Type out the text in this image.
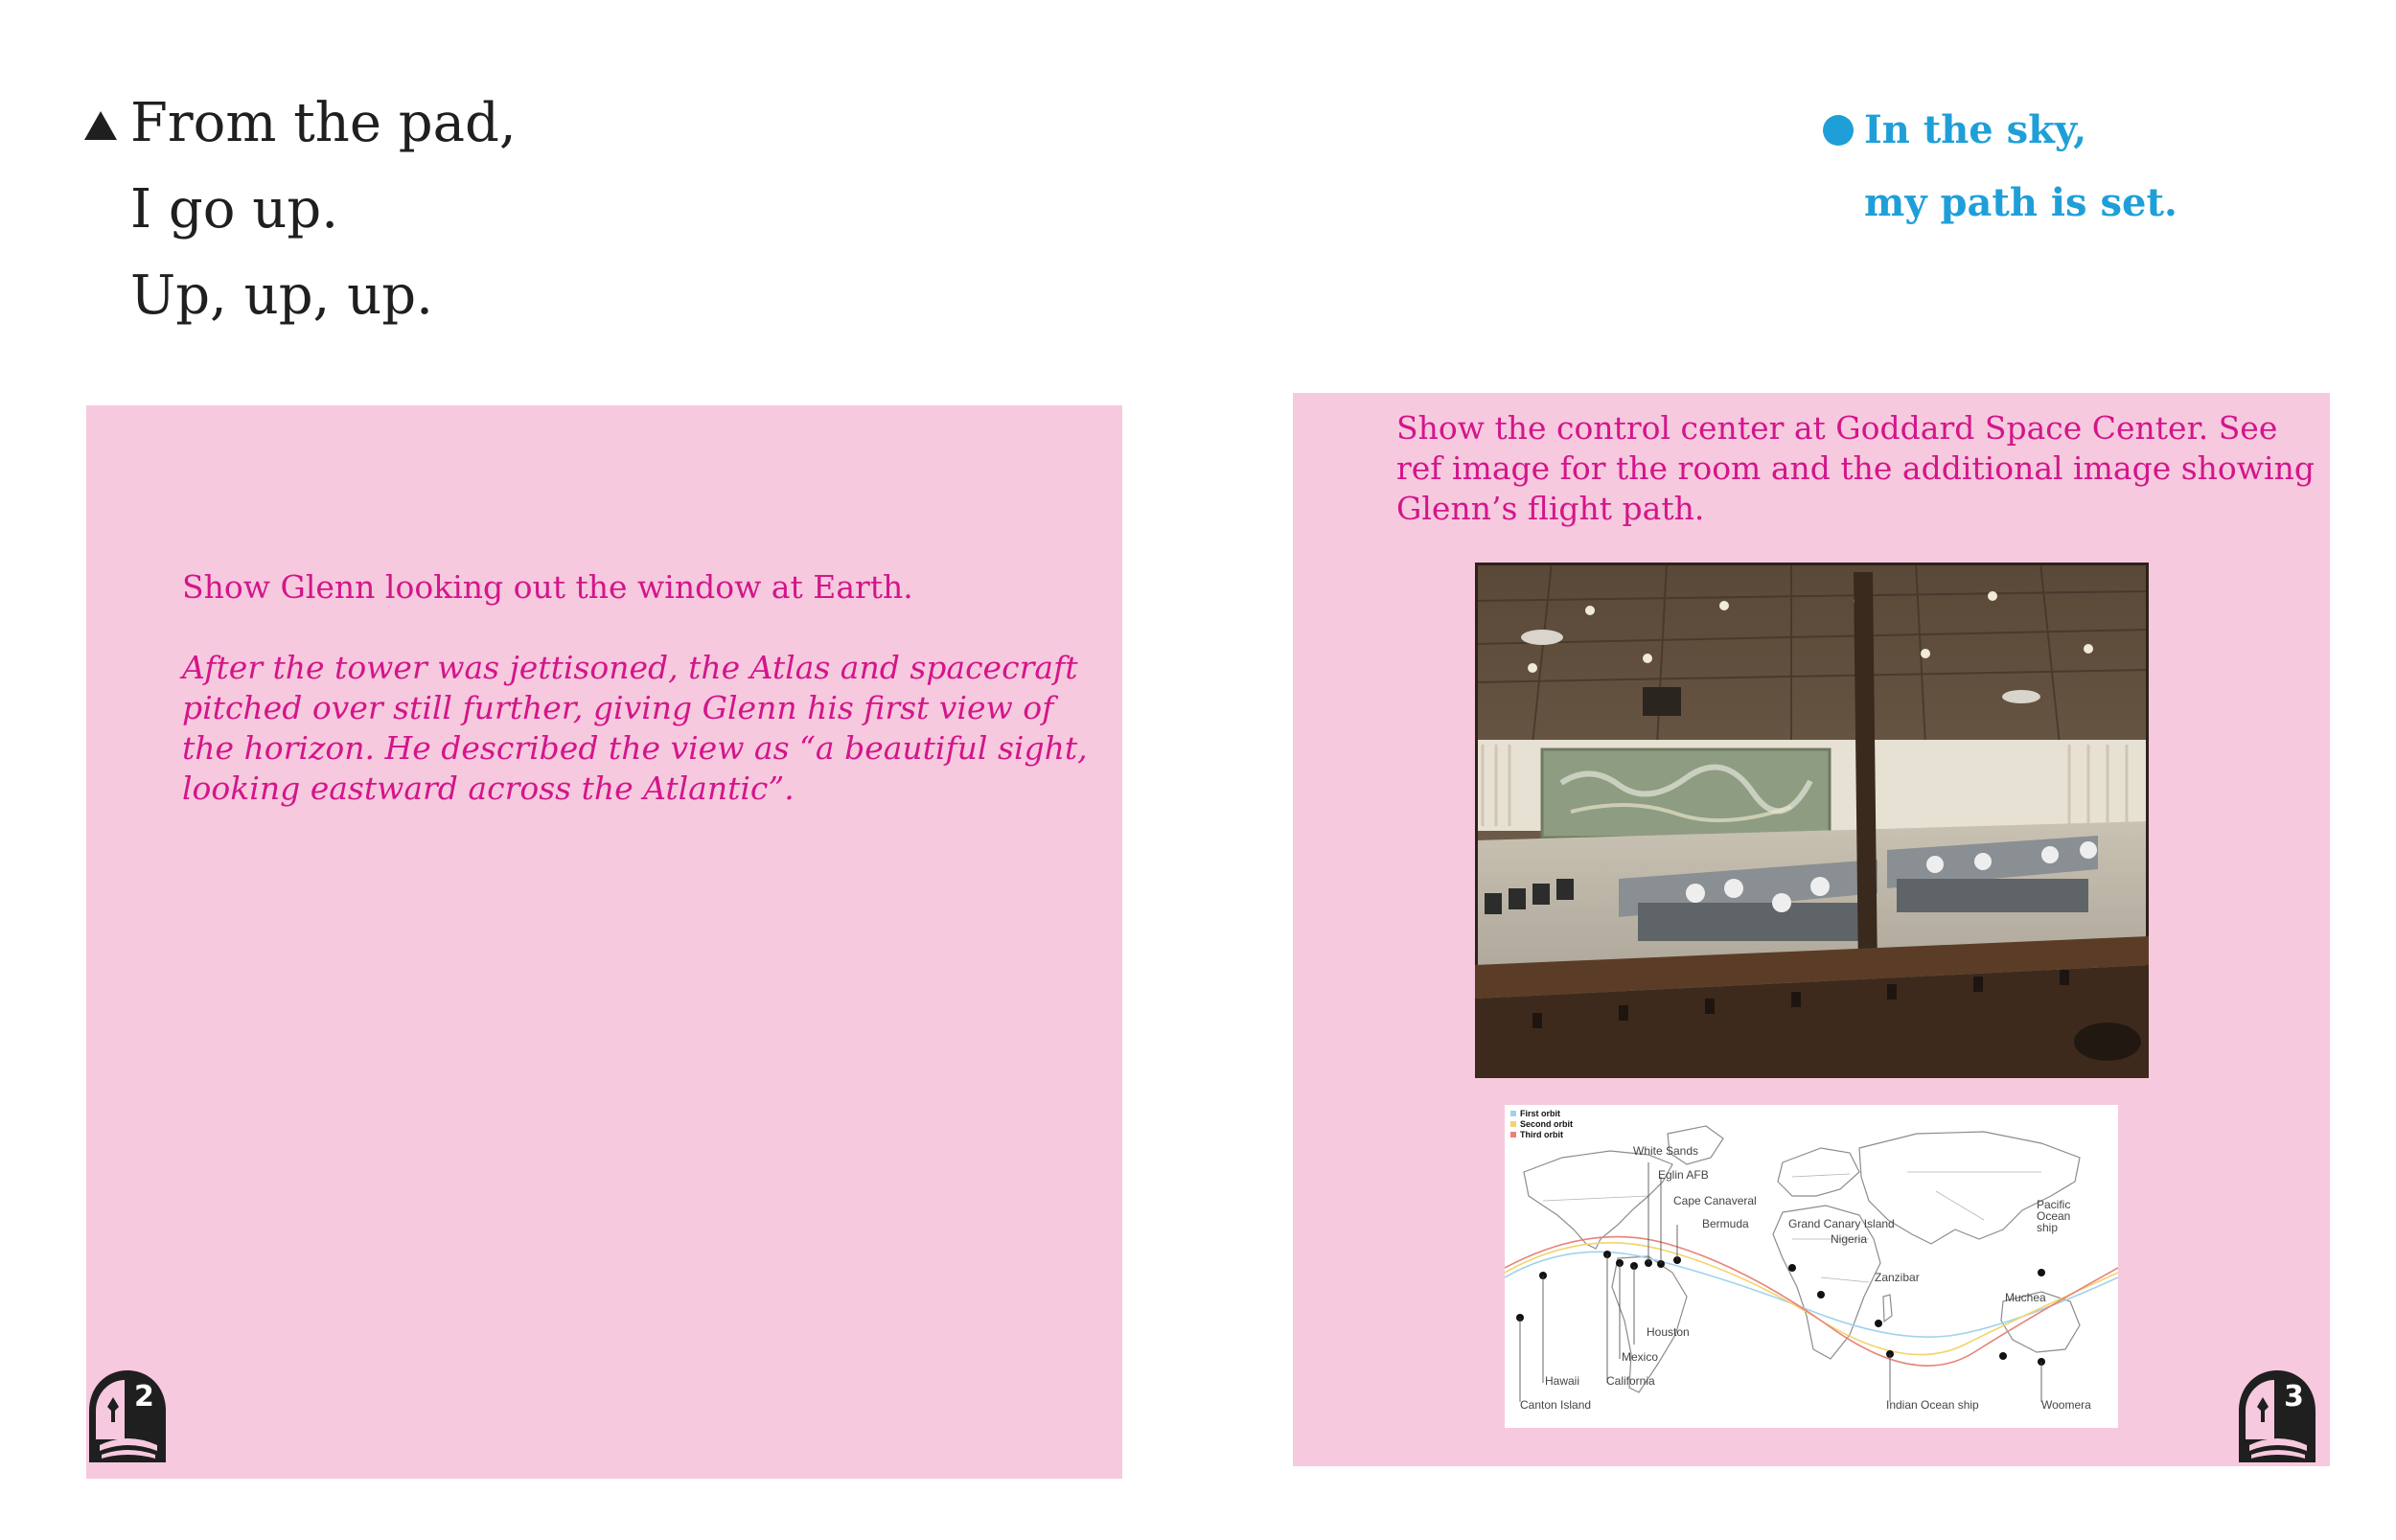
From the pad,
I go up.
Up, up, up.
Show Glenn looking out the window at Earth.
After the tower was jettisoned, the Atlas and spacecraft
pitched over still further, giving Glenn his first view of
the horizon. He described the view as “a beautiful sight,
looking eastward across the Atlantic”.
2
In the sky,
my path is set.
Show the control center at Goddard Space Center. See
ref image for the room and the additional image showing
Glenn’s flight path.
First orbit
Second orbit
Third orbit
White Sands
Eglin AFB
Cape Canaveral
Bermuda	Grand Canary Island
Nigeria
Zanzibar
Pacific
Ocean
ship
Muchea
Houston
Mexico
Hawaii California
Canton Island	Indian Ocean ship	Woomera	3
